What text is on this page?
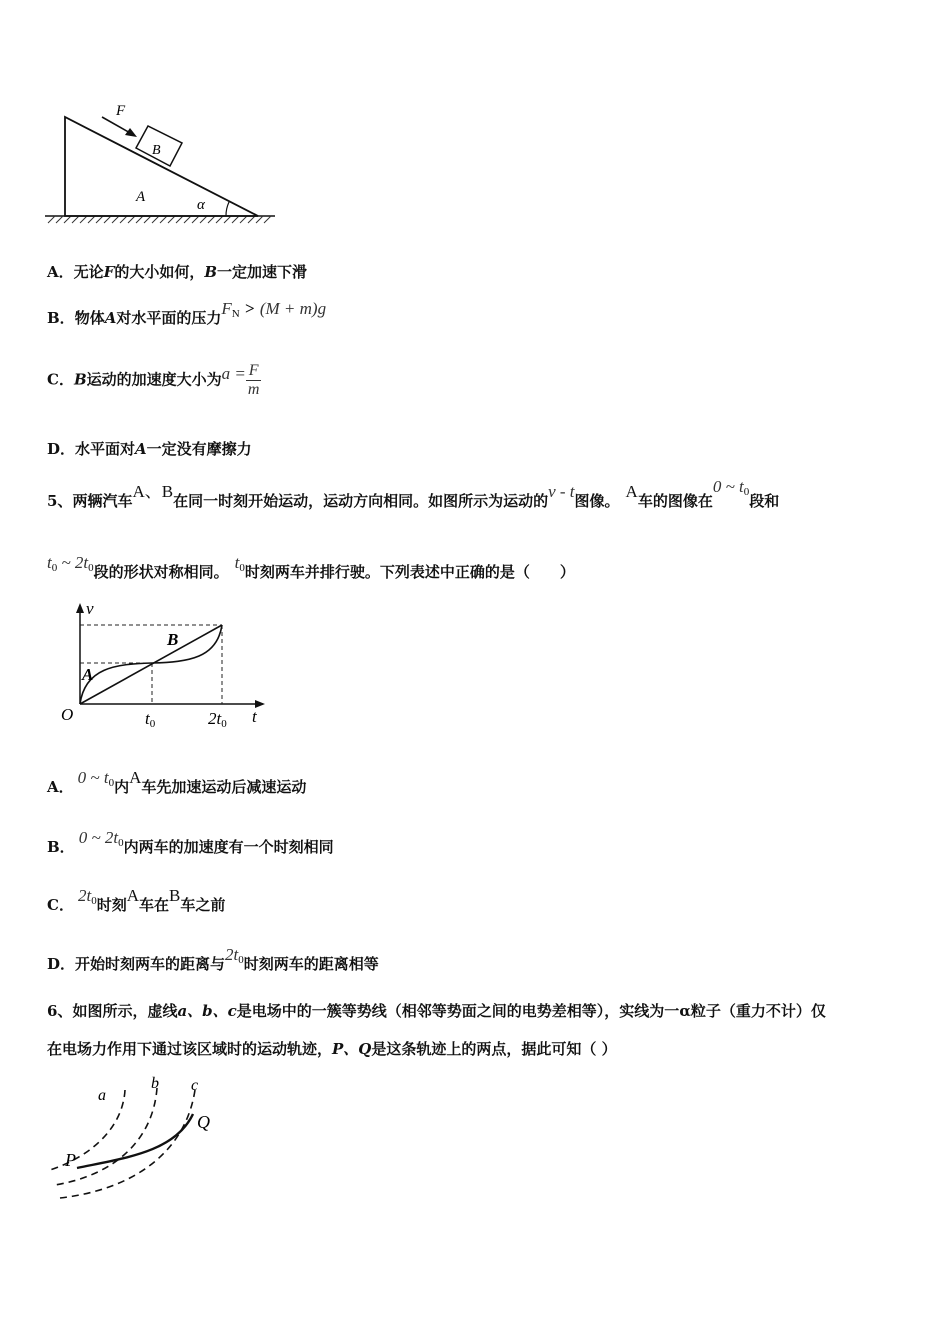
F
B
A	α
A．无论F的大小如何，B一定加速下滑
B．物体A对水平面的压力$F_N > (M + m)g$
C．B运动的加速度大小为$a = \frac{F}{m}$
D．水平面对A一定没有摩擦力
5、两辆汽车A、B在同一时刻开始运动，运动方向相同。如图所示为运动的v - t图像。 A车的图像在0 ~ $t_0$段和
$t_0$ ~ $2t_0$段的形状对称相同。 $t_0$时刻两车并排行驶。下列表述中正确的是（　　）
v
t
O
A
B
t0	2t0
A． 0 ~ $t_0$内A车先加速运动后减速运动
B． 0 ~ $2t_0$内两车的加速度有一个时刻相同
C． $2t_0$时刻A车在B车之前
D．开始时刻两车的距离与$2t_0$时刻两车的距离相等
6、如图所示，虚线a、b、c是电场中的一簇等势线（相邻等势面之间的电势差相等），实线为一α粒子（重力不计）仅
在电场力作用下通过该区域时的运动轨迹，P、Q是这条轨迹上的两点，据此可知（ ）
a
b c
P
Q
